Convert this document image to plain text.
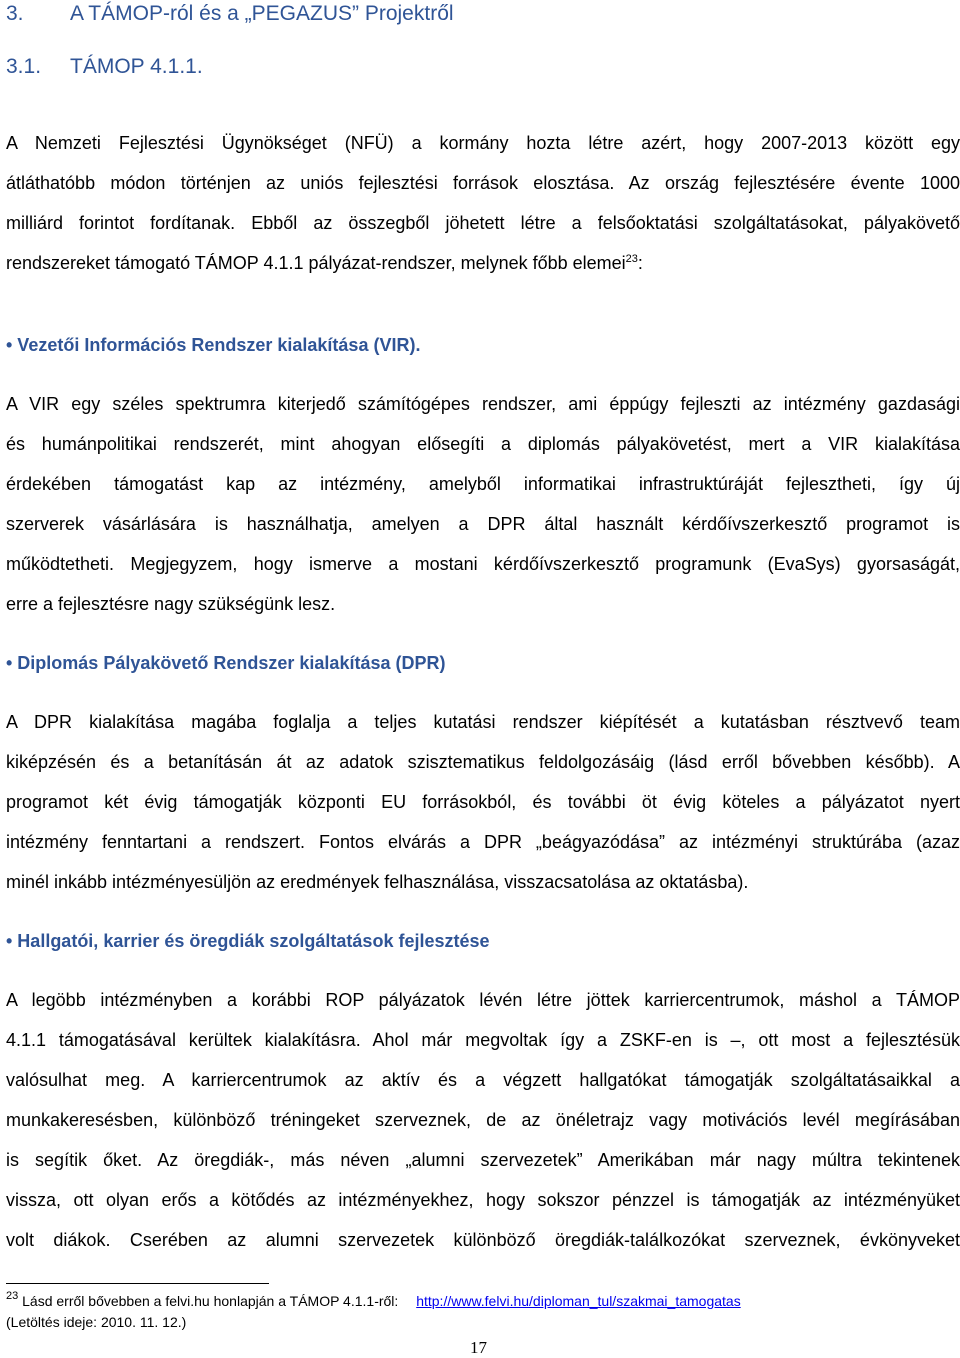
3. A TÁMOP-ról és a „PEGAZUS” Projektről
3.1. TÁMOP 4.1.1.
A Nemzeti Fejlesztési Ügynökséget (NFÜ) a kormány hozta létre azért, hogy 2007-2013 között egy
átláthatóbb módon történjen az uniós fejlesztési források elosztása. Az ország fejlesztésére évente 1000
milliárd forintot fordítanak. Ebből az összegből jöhetett létre a felsőoktatási szolgáltatásokat, pályakövető
rendszereket támogató TÁMOP 4.1.1 pályázat-rendszer, melynek főbb elemei$^{23}$:
• Vezetői Információs Rendszer kialakítása (VIR).
A VIR egy széles spektrumra kiterjedő számítógépes rendszer, ami éppúgy fejleszti az intézmény gazdasági
és humánpolitikai rendszerét, mint ahogyan elősegíti a diplomás pályakövetést, mert a VIR kialakítása
érdekében támogatást kap az intézmény, amelyből informatikai infrastruktúráját fejlesztheti, így új
szerverek vásárlására is használhatja, amelyen a DPR által használt kérdőívszerkesztő programot is
működtetheti. Megjegyzem, hogy ismerve a mostani kérdőívszerkesztő programunk (EvaSys) gyorsaságát,
erre a fejlesztésre nagy szükségünk lesz.
• Diplomás Pályakövető Rendszer kialakítása (DPR)
A DPR kialakítása magába foglalja a teljes kutatási rendszer kiépítését a kutatásban résztvevő team
kiképzésén és a betanításán át az adatok szisztematikus feldolgozásáig (lásd erről bővebben később). A
programot két évig támogatják központi EU forrásokból, és további öt évig köteles a pályázatot nyert
intézmény fenntartani a rendszert. Fontos elvárás a DPR „beágyazódása” az intézményi struktúrába (azaz
minél inkább intézményesüljön az eredmények felhasználása, visszacsatolása az oktatásba).
• Hallgatói, karrier és öregdiák szolgáltatások fejlesztése
A legöbb intézményben a korábbi ROP pályázatok lévén létre jöttek karriercentrumok, máshol a TÁMOP
4.1.1 támogatásával kerültek kialakításra. Ahol már megvoltak így a ZSKF-en is –, ott most a fejlesztésük
valósulhat meg. A karriercentrumok az aktív és a végzett hallgatókat támogatják szolgáltatásaikkal a
munkakeresésben, különböző tréningeket szerveznek, de az önéletrajz vagy motivációs levél megírásában
is segítik őket. Az öregdiák-, más néven „alumni szervezetek” Amerikában már nagy múltra tekintenek
vissza, ott olyan erős a kötődés az intézményekhez, hogy sokszor pénzzel is támogatják az intézményüket
volt diákok. Cserében az alumni szervezetek különböző öregdiák-találkozókat szerveznek, évkönyveket
$^{23}$ Lásd erről bővebben a felvi.hu honlapján a TÁMOP 4.1.1-ről: http://www.felvi.hu/diploman_tul/szakmai_tamogatas
(Letöltés ideje: 2010. 11. 12.)
17
